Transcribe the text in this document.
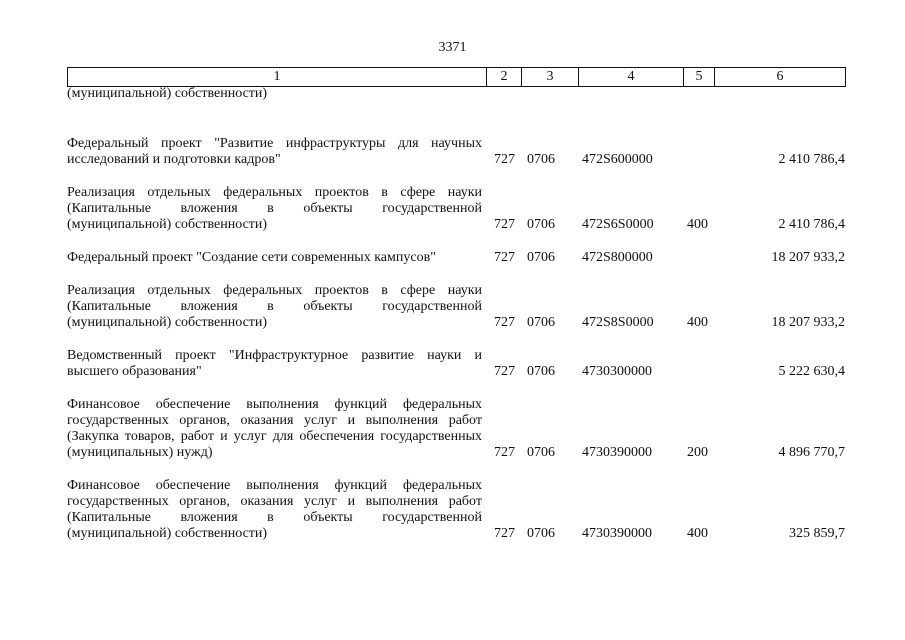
3371
1	2	3	4	5	6
(муниципальной) собственности)					

Федеральный проект "Развитие инфраструктуры для научных исследований и подготовки кадров"	727	0706	472S600000		2 410 786,4

Реализация отдельных федеральных проектов в сфере науки (Капитальные вложения в объекты государственной (муниципальной) собственности)	727	0706	472S6S0000	400	2 410 786,4

Федеральный проект "Создание сети современных кампусов"	727	0706	472S800000		18 207 933,2

Реализация отдельных федеральных проектов в сфере науки (Капитальные вложения в объекты государственной (муниципальной) собственности)	727	0706	472S8S0000	400	18 207 933,2

Ведомственный проект "Инфраструктурное развитие науки и высшего образования"	727	0706	4730300000		5 222 630,4

Финансовое обеспечение выполнения функций федеральных государственных органов, оказания услуг и выполнения работ (Закупка товаров, работ и услуг для обеспечения государственных (муниципальных) нужд)	727	0706	4730390000	200	4 896 770,7

Финансовое обеспечение выполнения функций федеральных государственных органов, оказания услуг и выполнения работ (Капитальные вложения в объекты государственной (муниципальной) собственности)	727	0706	4730390000	400	325 859,7
